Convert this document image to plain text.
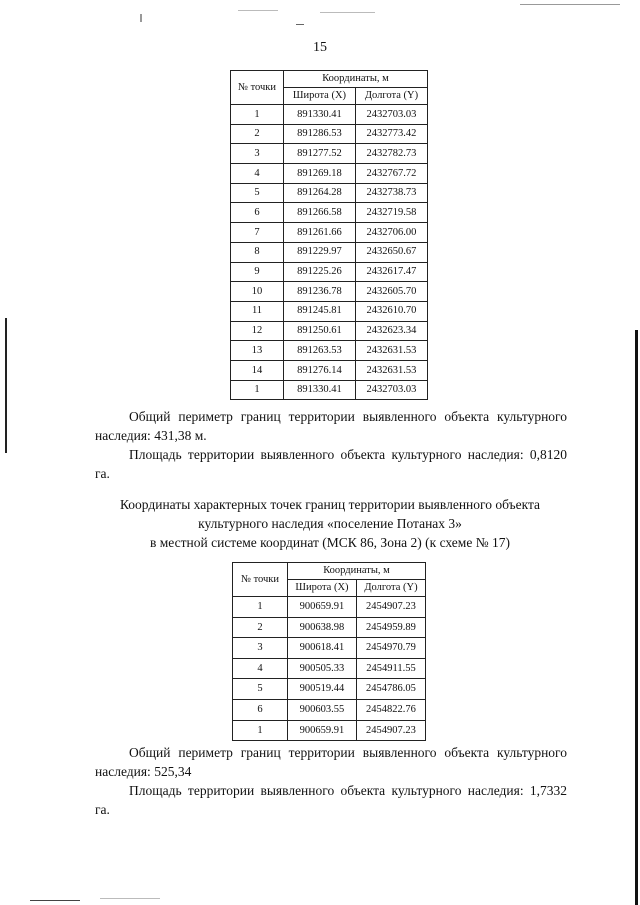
15
№ точки	Координаты, м	
	Широта (X)	Долгота (Y)
1	891330.41	2432703.03
2	891286.53	2432773.42
3	891277.52	2432782.73
4	891269.18	2432767.72
5	891264.28	2432738.73
6	891266.58	2432719.58
7	891261.66	2432706.00
8	891229.97	2432650.67
9	891225.26	2432617.47
10	891236.78	2432605.70
11	891245.81	2432610.70
12	891250.61	2432623.34
13	891263.53	2432631.53
14	891276.14	2432631.53
1	891330.41	2432703.03

Общий периметр границ территории выявленного объекта культурного наследия: 431,38 м.

Площадь территории выявленного объекта культурного наследия: 0,8120 га.

Координаты характерных точек границ территории выявленного объекта

культурного наследия «поселение Потанах 3»

в местной системе координат (МСК 86, Зона 2) (к схеме № 17)

№ точки	Координаты, м	
	Широта (X)	Долгота (Y)
1	900659.91	2454907.23
2	900638.98	2454959.89
3	900618.41	2454970.79
4	900505.33	2454911.55
5	900519.44	2454786.05
6	900603.55	2454822.76
1	900659.91	2454907.23

Общий периметр границ территории выявленного объекта культурного наследия: 525,34

Площадь территории выявленного объекта культурного наследия: 1,7332 га.
